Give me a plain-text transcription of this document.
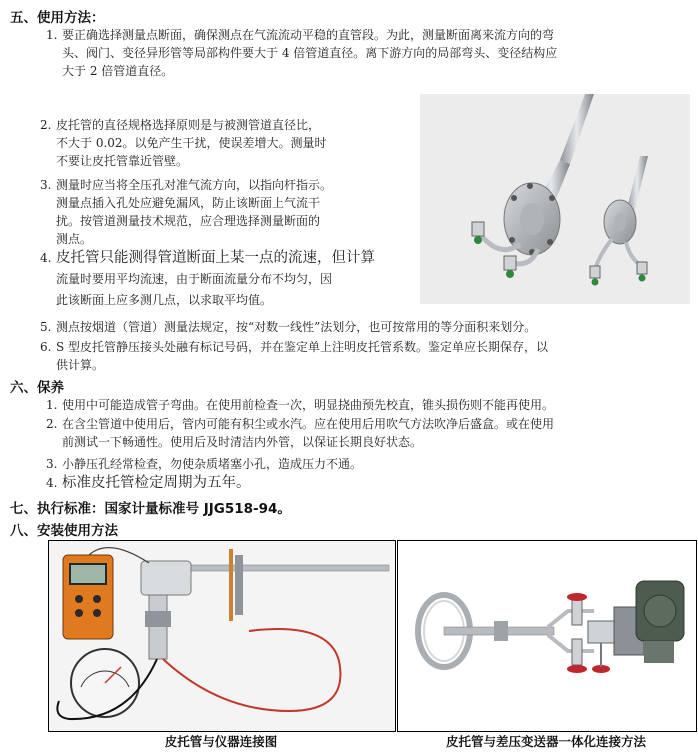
五、使用方法：
1. 要正确选择测量点断面，确保测点在气流流动平稳的直管段。为此，测量断面离来流方向的弯
头、阀门、变径异形管等局部构件要大于 4 倍管道直径。离下游方向的局部弯头、变径结构应
大于 2 倍管道直径。
2. 皮托管的直径规格选择原则是与被测管道直径比，
不大于 0.02。以免产生干扰，使误差增大。测量时
不要让皮托管靠近管壁。
3. 测量时应当将全压孔对准气流方向，以指向杆指示。
测量点插入孔处应避免漏风，防止该断面上气流干
扰。按管道测量技术规范，应合理选择测量断面的
测点。
4. 皮托管只能测得管道断面上某一点的流速，但计算
流量时要用平均流速，由于断面流量分布不均匀，因
此该断面上应多测几点，以求取平均值。
5. 测点按烟道（管道）测量法规定，按“对数一线性”法划分，也可按常用的等分面积来划分。
6. S 型皮托管静压接头处融有标记号码，并在鉴定单上注明皮托管系数。鉴定单应长期保存，以
供计算。
六、保养
1. 使用中可能造成管子弯曲。在使用前检查一次，明显挠曲预先校直，锥头损伤则不能再使用。
2. 在含尘管道中使用后，管内可能有积尘或水汽。应在使用后用吹气方法吹净后盛盒。或在使用
前测试一下畅通性。使用后及时清洁内外管，以保证长期良好状态。
3. 小静压孔经常检查，勿使杂质堵塞小孔，造成压力不通。
4. 标准皮托管检定周期为五年。
七、执行标准：国家计量标准号 JJG518-94。
八、安装使用方法
皮托管与仪器连接图	皮托管与差压变送器一体化连接方法
